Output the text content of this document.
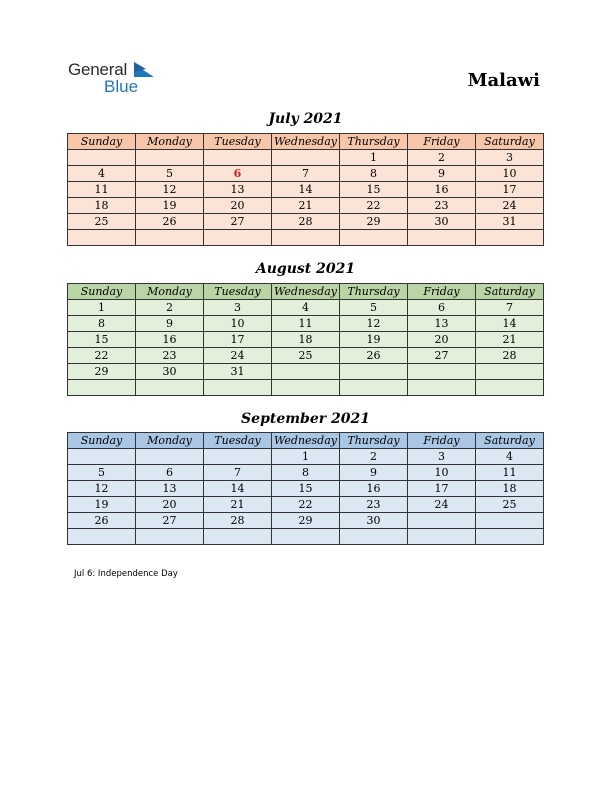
General
Blue	Malawi
July 2021
Sunday	Monday	Tuesday	Wednesday	Thursday	Friday	Saturday
				1	2	3
4	5	6	7	8	9	10
11	12	13	14	15	16	17
18	19	20	21	22	23	24
25	26	27	28	29	30	31

August 2021
Sunday	Monday	Tuesday	Wednesday	Thursday	Friday	Saturday
1	2	3	4	5	6	7
8	9	10	11	12	13	14
15	16	17	18	19	20	21
22	23	24	25	26	27	28
29	30	31				

September 2021
Sunday	Monday	Tuesday	Wednesday	Thursday	Friday	Saturday
			1	2	3	4
5	6	7	8	9	10	11
12	13	14	15	16	17	18
19	20	21	22	23	24	25
26	27	28	29	30		

Jul 6: Independence Day
